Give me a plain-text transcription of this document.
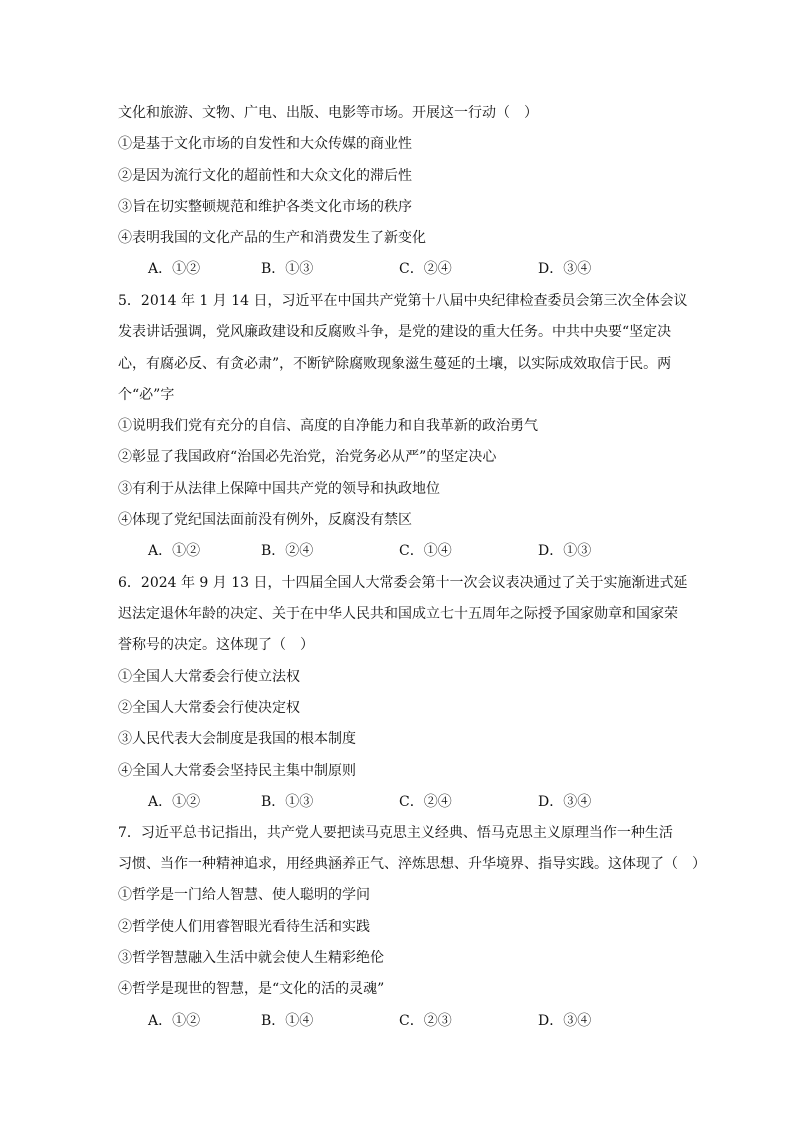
文化和旅游、文物、广电、出版、电影等市场。开展这一行动（　）
①是基于文化市场的自发性和大众传媒的商业性
②是因为流行文化的超前性和大众文化的滞后性
③旨在切实整顿规范和维护各类文化市场的秩序
④表明我国的文化产品的生产和消费发生了新变化
A．①②	B．①③	C．②④	D．③④
5．2014 年 1 月 14 日，习近平在中国共产党第十八届中央纪律检查委员会第三次全体会议
发表讲话强调，党风廉政建设和反腐败斗争，是党的建设的重大任务。中共中央要“坚定决
心，有腐必反、有贪必肃”，不断铲除腐败现象滋生蔓延的土壤，以实际成效取信于民。两
个“必”字
①说明我们党有充分的自信、高度的自净能力和自我革新的政治勇气
②彰显了我国政府“治国必先治党，治党务必从严”的坚定决心
③有利于从法律上保障中国共产党的领导和执政地位
④体现了党纪国法面前没有例外，反腐没有禁区
A．①②	B．②④	C．①④	D．①③
6．2024 年 9 月 13 日，十四届全国人大常委会第十一次会议表决通过了关于实施渐进式延
迟法定退休年龄的决定、关于在中华人民共和国成立七十五周年之际授予国家勋章和国家荣
誉称号的决定。这体现了（　）
①全国人大常委会行使立法权
②全国人大常委会行使决定权
③人民代表大会制度是我国的根本制度
④全国人大常委会坚持民主集中制原则
A．①②	B．①③	C．②④	D．③④
7．习近平总书记指出，共产党人要把读马克思主义经典、悟马克思主义原理当作一种生活
习惯、当作一种精神追求，用经典涵养正气、淬炼思想、升华境界、指导实践。这体现了（　）
①哲学是一门给人智慧、使人聪明的学问
②哲学使人们用睿智眼光看待生活和实践
③哲学智慧融入生活中就会使人生精彩绝伦
④哲学是现世的智慧，是“文化的活的灵魂”
A．①②	B．①④	C．②③	D．③④
